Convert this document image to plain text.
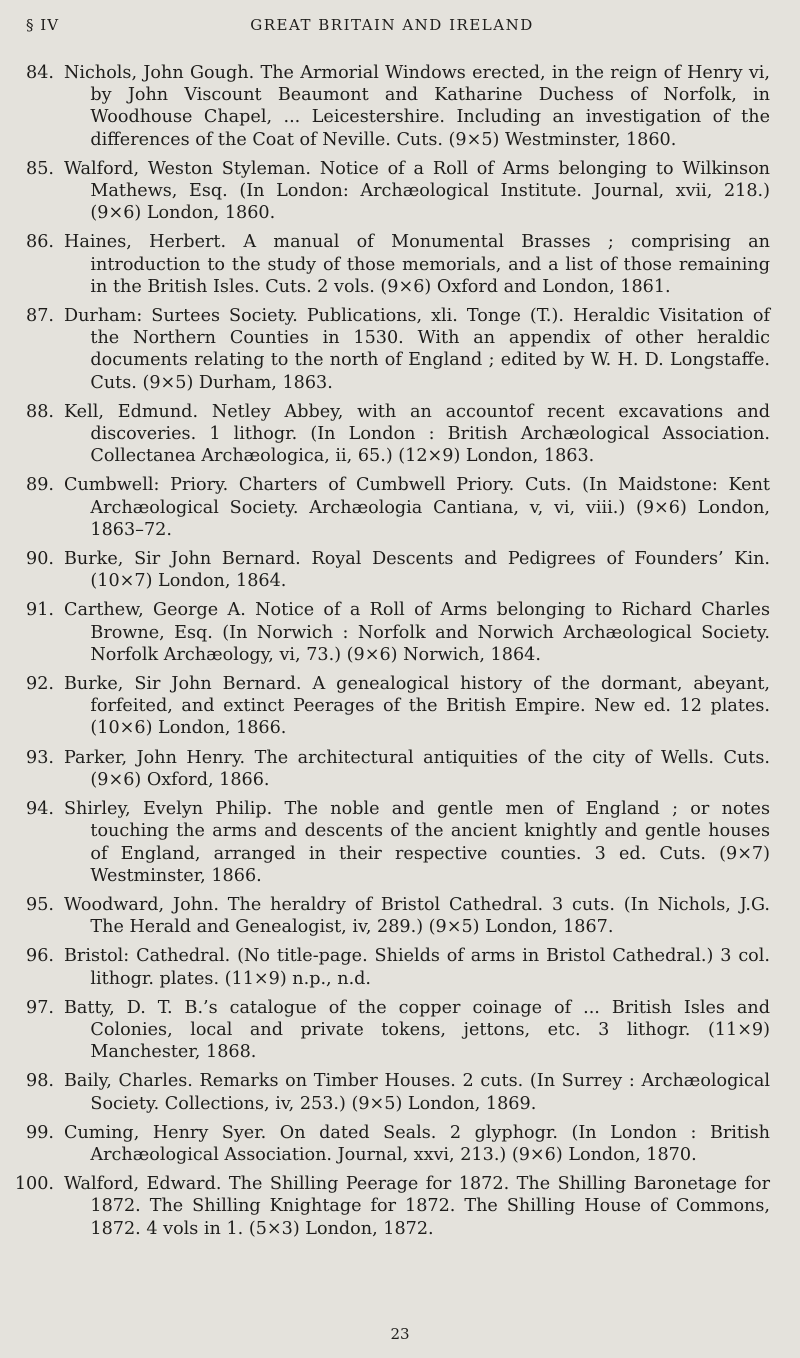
§ IV	GREAT BRITAIN AND IRELAND
84. Nichols, John Gough. The Armorial Windows erected, in the reign of Henry vi, by John Viscount Beaumont and Katharine Duchess of Norfolk, in Woodhouse Chapel, ... Leicestershire. Including an investigation of the differences of the Coat of Neville. Cuts. (9×5) Westminster, 1860.
85. Walford, Weston Styleman. Notice of a Roll of Arms belonging to Wilkinson Mathews, Esq. (In London: Archæological Institute. Journal, xvii, 218.) (9×6) London, 1860.
86. Haines, Herbert. A manual of Monumental Brasses ; comprising an introduction to the study of those memorials, and a list of those remaining in the British Isles. Cuts. 2 vols. (9×6) Oxford and London, 1861.
87. Durham: Surtees Society. Publications, xli. Tonge (T.). Heraldic Visitation of the Northern Counties in 1530. With an appendix of other heraldic documents relating to the north of England ; edited by W. H. D. Longstaffe. Cuts. (9×5) Durham, 1863.
88. Kell, Edmund. Netley Abbey, with an accountof recent excavations and discoveries. 1 lithogr. (In London : British Archæological Association. Collectanea Archæologica, ii, 65.) (12×9) London, 1863.
89. Cumbwell: Priory. Charters of Cumbwell Priory. Cuts. (In Maidstone: Kent Archæological Society. Archæologia Cantiana, v, vi, viii.) (9×6) London, 1863–72.
90. Burke, Sir John Bernard. Royal Descents and Pedigrees of Founders’ Kin. (10×7) London, 1864.
91. Carthew, George A. Notice of a Roll of Arms belonging to Richard Charles Browne, Esq. (In Norwich : Norfolk and Norwich Archæological Society. Norfolk Archæology, vi, 73.) (9×6) Norwich, 1864.
92. Burke, Sir John Bernard. A genealogical history of the dormant, abeyant, forfeited, and extinct Peerages of the British Empire. New ed. 12 plates. (10×6) London, 1866.
93. Parker, John Henry. The architectural antiquities of the city of Wells. Cuts. (9×6) Oxford, 1866.
94. Shirley, Evelyn Philip. The noble and gentle men of England ; or notes touching the arms and descents of the ancient knightly and gentle houses of England, arranged in their respective counties. 3 ed. Cuts. (9×7) Westminster, 1866.
95. Woodward, John. The heraldry of Bristol Cathedral. 3 cuts. (In Nichols, J.G. The Herald and Genealogist, iv, 289.) (9×5) London, 1867.
96. Bristol: Cathedral. (No title-page. Shields of arms in Bristol Cathedral.) 3 col. lithogr. plates. (11×9) n.p., n.d.
97. Batty, D. T. B.’s catalogue of the copper coinage of ... British Isles and Colonies, local and private tokens, jettons, etc. 3 lithogr. (11×9) Manchester, 1868.
98. Baily, Charles. Remarks on Timber Houses. 2 cuts. (In Surrey : Archæological Society. Collections, iv, 253.) (9×5) London, 1869.
99. Cuming, Henry Syer. On dated Seals. 2 glyphogr. (In London : British Archæological Association. Journal, xxvi, 213.) (9×6) London, 1870.
100. Walford, Edward. The Shilling Peerage for 1872. The Shilling Baronetage for 1872. The Shilling Knightage for 1872. The Shilling House of Commons, 1872. 4 vols in 1. (5×3) London, 1872.
23
